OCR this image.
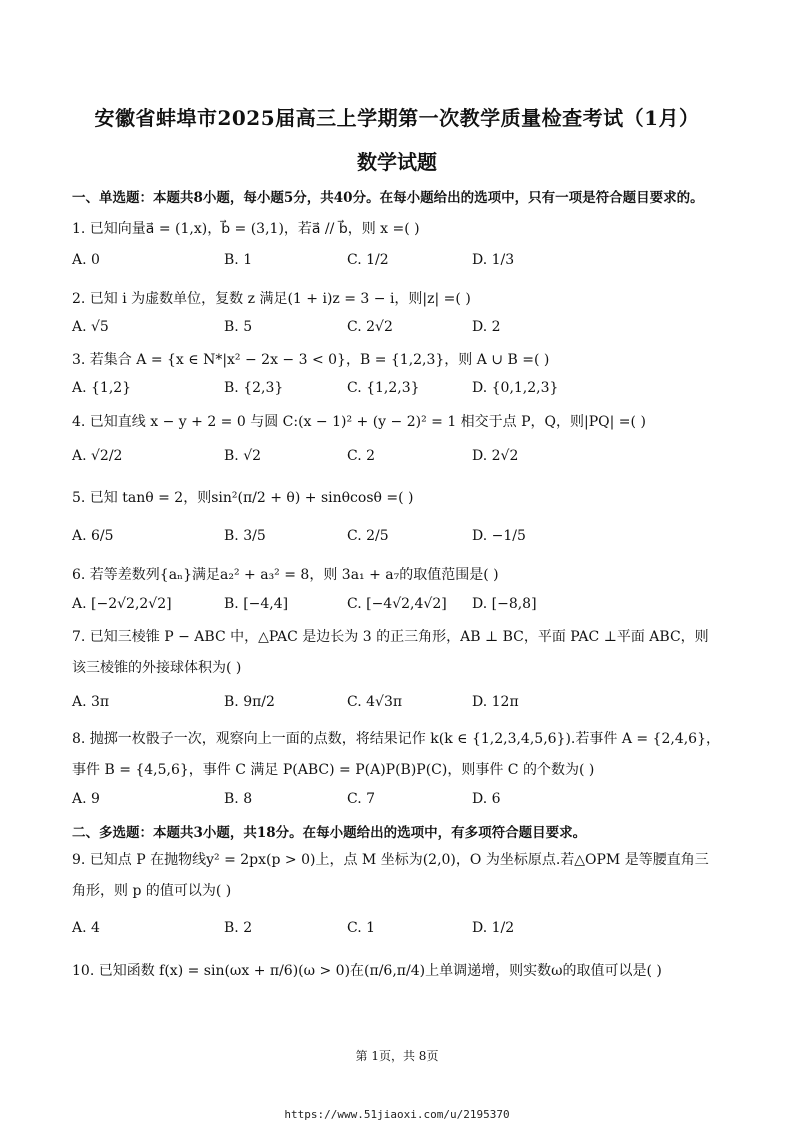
安徽省蚌埠市2025届高三上学期第一次教学质量检查考试（1月）
数学试题
一、单选题：本题共8小题，每小题5分，共40分。在每小题给出的选项中，只有一项是符合题目要求的。
1. 已知向量a⃗ = (1,x)，b⃗ = (3,1)，若a⃗ // b⃗，则 x =( )
A. 0	B. 1	C. 1/2	D. 1/3
2. 已知 i 为虚数单位，复数 z 满足(1 + i)z = 3 − i，则|z| =( )
A. √5	B. 5	C. 2√2	D. 2
3. 若集合 A = {x ∈ N*|x² − 2x − 3 < 0}，B = {1,2,3}，则 A ∪ B =( )
A. {1,2}	B. {2,3}	C. {1,2,3}	D. {0,1,2,3}
4. 已知直线 x − y + 2 = 0 与圆 C:(x − 1)² + (y − 2)² = 1 相交于点 P，Q，则|PQ| =( )
A. √2/2	B. √2	C. 2	D. 2√2
5. 已知 tanθ = 2，则sin²(π/2 + θ) + sinθcosθ =( )
A. 6/5	B. 3/5	C. 2/5	D. −1/5
6. 若等差数列{aₙ}满足a₂² + a₃² = 8，则 3a₁ + a₇的取值范围是( )
A. [−2√2,2√2]	B. [−4,4]	C. [−4√2,4√2] D. [−8,8]
7. 已知三棱锥 P − ABC 中，△PAC 是边长为 3 的正三角形，AB ⊥ BC，平面 PAC ⊥平面 ABC，则该三棱锥的外接球体积为( )
A. 3π	B. 9π/2	C. 4√3π	D. 12π
8. 抛掷一枚骰子一次，观察向上一面的点数，将结果记作 k(k ∈ {1,2,3,4,5,6}).若事件 A = {2,4,6}，事件 B = {4,5,6}，事件 C 满足 P(ABC) = P(A)P(B)P(C)，则事件 C 的个数为( )
A. 9	B. 8	C. 7	D. 6
二、多选题：本题共3小题，共18分。在每小题给出的选项中，有多项符合题目要求。
9. 已知点 P 在抛物线y² = 2px(p > 0)上，点 M 坐标为(2,0)，O 为坐标原点.若△OPM 是等腰直角三角形，则 p 的值可以为( )
A. 4	B. 2	C. 1	D. 1/2
10. 已知函数 f(x) = sin(ωx + π/6)(ω > 0)在(π/6,π/4)上单调递增，则实数ω的取值可以是( )
第 1页，共 8页
https://www.51jiaoxi.com/u/2195370
